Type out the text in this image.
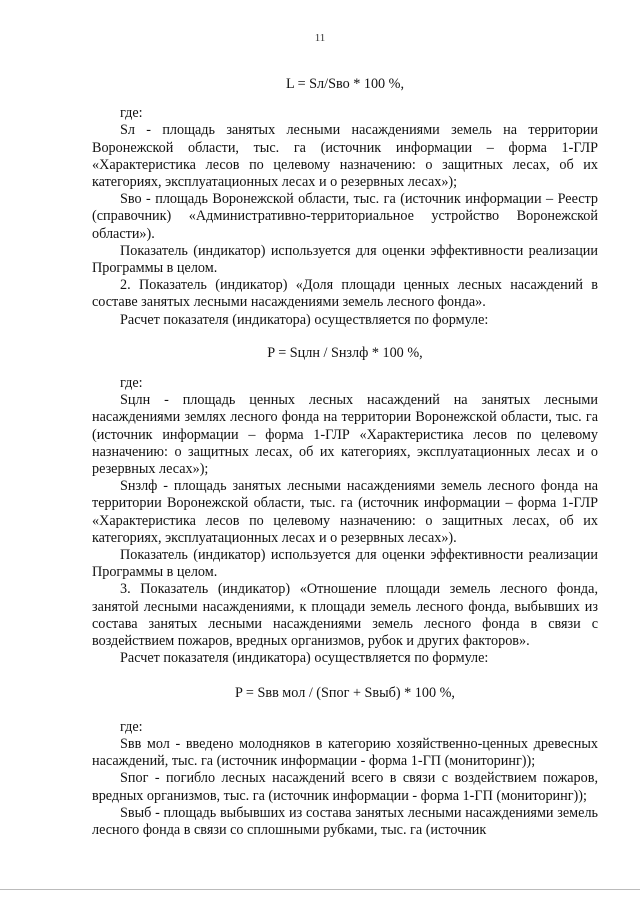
11

L = Sл/Sво * 100 %,

где:

Sл - площадь занятых лесными насаждениями земель на территории Воронежской области, тыс. га (источник информации – форма 1-ГЛР «Характеристика лесов по целевому назначению: о защитных лесах, об их категориях, эксплуатационных лесах и о резервных лесах»);

Sво - площадь Воронежской области, тыс. га (источник информации – Реестр (справочник) «Административно-территориальное устройство Воронежской области»).

Показатель (индикатор) используется для оценки эффективности реализации Программы в целом.

2. Показатель (индикатор) «Доля площади ценных лесных насаждений в составе занятых лесными насаждениями земель лесного фонда».

Расчет показателя (индикатора) осуществляется по формуле:

P = Sцлн / Sнзлф * 100 %,

где:

Sцлн - площадь ценных лесных насаждений на занятых лесными насаждениями землях лесного фонда на территории Воронежской области, тыс. га (источник информации – форма 1-ГЛР «Характеристика лесов по целевому назначению: о защитных лесах, об их категориях, эксплуатационных лесах и о резервных лесах»);

Sнзлф - площадь занятых лесными насаждениями земель лесного фонда на территории Воронежской области, тыс. га (источник информации – форма 1-ГЛР «Характеристика лесов по целевому назначению: о защитных лесах, об их категориях, эксплуатационных лесах и о резервных лесах»).

Показатель (индикатор) используется для оценки эффективности реализации Программы в целом.

3. Показатель (индикатор) «Отношение площади земель лесного фонда, занятой лесными насаждениями, к площади земель лесного фонда, выбывших из состава занятых лесными насаждениями земель лесного фонда в связи с воздействием пожаров, вредных организмов, рубок и других факторов».

Расчет показателя (индикатора) осуществляется по формуле:

P = Sвв мол / (Sпог + Sвыб) * 100 %,

где:

Sвв мол - введено молодняков в категорию хозяйственно-ценных древесных насаждений, тыс. га (источник информации - форма 1-ГП (мониторинг));

Sпог - погибло лесных насаждений всего в связи с воздействием пожаров, вредных организмов, тыс. га (источник информации - форма 1-ГП (мониторинг));

Sвыб - площадь выбывших из состава занятых лесными насаждениями земель лесного фонда в связи со сплошными рубками, тыс. га (источник
